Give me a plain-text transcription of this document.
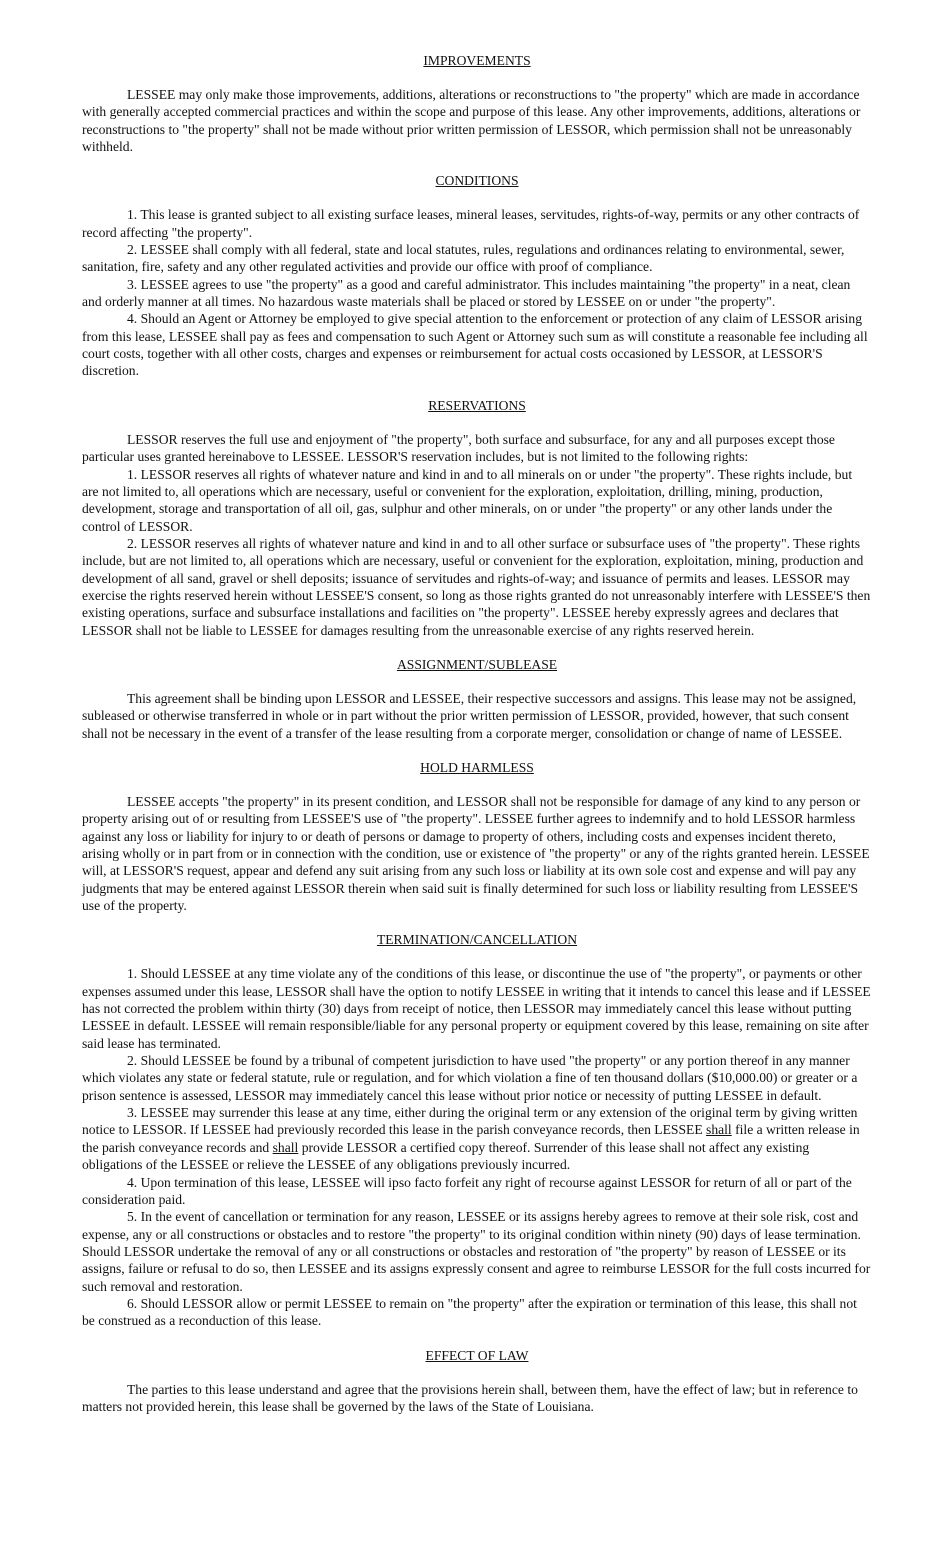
IMPROVEMENTS

LESSEE may only make those improvements, additions, alterations or reconstructions to "the property" which are made in accordance with generally accepted commercial practices and within the scope and purpose of this lease. Any other improvements, additions, alterations or reconstructions to "the property" shall not be made without prior written permission of LESSOR, which permission shall not be unreasonably withheld.

CONDITIONS

1. This lease is granted subject to all existing surface leases, mineral leases, servitudes, rights-of-way, permits or any other contracts of record affecting "the property".

2. LESSEE shall comply with all federal, state and local statutes, rules, regulations and ordinances relating to environmental, sewer, sanitation, fire, safety and any other regulated activities and provide our office with proof of compliance.

3. LESSEE agrees to use "the property" as a good and careful administrator. This includes maintaining "the property" in a neat, clean and orderly manner at all times. No hazardous waste materials shall be placed or stored by LESSEE on or under "the property".

4. Should an Agent or Attorney be employed to give special attention to the enforcement or protection of any claim of LESSOR arising from this lease, LESSEE shall pay as fees and compensation to such Agent or Attorney such sum as will constitute a reasonable fee including all court costs, together with all other costs, charges and expenses or reimbursement for actual costs occasioned by LESSOR, at LESSOR'S discretion.

RESERVATIONS

LESSOR reserves the full use and enjoyment of "the property", both surface and subsurface, for any and all purposes except those particular uses granted hereinabove to LESSEE. LESSOR'S reservation includes, but is not limited to the following rights:

1. LESSOR reserves all rights of whatever nature and kind in and to all minerals on or under "the property". These rights include, but are not limited to, all operations which are necessary, useful or convenient for the exploration, exploitation, drilling, mining, production, development, storage and transportation of all oil, gas, sulphur and other minerals, on or under "the property" or any other lands under the control of LESSOR.

2. LESSOR reserves all rights of whatever nature and kind in and to all other surface or subsurface uses of "the property". These rights include, but are not limited to, all operations which are necessary, useful or convenient for the exploration, exploitation, mining, production and development of all sand, gravel or shell deposits; issuance of servitudes and rights-of-way; and issuance of permits and leases. LESSOR may exercise the rights reserved herein without LESSEE'S consent, so long as those rights granted do not unreasonably interfere with LESSEE'S then existing operations, surface and subsurface installations and facilities on "the property". LESSEE hereby expressly agrees and declares that LESSOR shall not be liable to LESSEE for damages resulting from the unreasonable exercise of any rights reserved herein.

ASSIGNMENT/SUBLEASE

This agreement shall be binding upon LESSOR and LESSEE, their respective successors and assigns. This lease may not be assigned, subleased or otherwise transferred in whole or in part without the prior written permission of LESSOR, provided, however, that such consent shall not be necessary in the event of a transfer of the lease resulting from a corporate merger, consolidation or change of name of LESSEE.

HOLD HARMLESS

LESSEE accepts "the property" in its present condition, and LESSOR shall not be responsible for damage of any kind to any person or property arising out of or resulting from LESSEE'S use of "the property". LESSEE further agrees to indemnify and to hold LESSOR harmless against any loss or liability for injury to or death of persons or damage to property of others, including costs and expenses incident thereto, arising wholly or in part from or in connection with the condition, use or existence of "the property" or any of the rights granted herein. LESSEE will, at LESSOR'S request, appear and defend any suit arising from any such loss or liability at its own sole cost and expense and will pay any judgments that may be entered against LESSOR therein when said suit is finally determined for such loss or liability resulting from LESSEE'S use of the property.

TERMINATION/CANCELLATION

1. Should LESSEE at any time violate any of the conditions of this lease, or discontinue the use of "the property", or payments or other expenses assumed under this lease, LESSOR shall have the option to notify LESSEE in writing that it intends to cancel this lease and if LESSEE has not corrected the problem within thirty (30) days from receipt of notice, then LESSOR may immediately cancel this lease without putting LESSEE in default. LESSEE will remain responsible/liable for any personal property or equipment covered by this lease, remaining on site after said lease has terminated.

2. Should LESSEE be found by a tribunal of competent jurisdiction to have used "the property" or any portion thereof in any manner which violates any state or federal statute, rule or regulation, and for which violation a fine of ten thousand dollars ($10,000.00) or greater or a prison sentence is assessed, LESSOR may immediately cancel this lease without prior notice or necessity of putting LESSEE in default.

3. LESSEE may surrender this lease at any time, either during the original term or any extension of the original term by giving written notice to LESSOR. If LESSEE had previously recorded this lease in the parish conveyance records, then LESSEE shall file a written release in the parish conveyance records and shall provide LESSOR a certified copy thereof. Surrender of this lease shall not affect any existing obligations of the LESSEE or relieve the LESSEE of any obligations previously incurred.

4. Upon termination of this lease, LESSEE will ipso facto forfeit any right of recourse against LESSOR for return of all or part of the consideration paid.

5. In the event of cancellation or termination for any reason, LESSEE or its assigns hereby agrees to remove at their sole risk, cost and expense, any or all constructions or obstacles and to restore "the property" to its original condition within ninety (90) days of lease termination. Should LESSOR undertake the removal of any or all constructions or obstacles and restoration of "the property" by reason of LESSEE or its assigns, failure or refusal to do so, then LESSEE and its assigns expressly consent and agree to reimburse LESSOR for the full costs incurred for such removal and restoration.

6. Should LESSOR allow or permit LESSEE to remain on "the property" after the expiration or termination of this lease, this shall not be construed as a reconduction of this lease.

EFFECT OF LAW

The parties to this lease understand and agree that the provisions herein shall, between them, have the effect of law; but in reference to matters not provided herein, this lease shall be governed by the laws of the State of Louisiana.
